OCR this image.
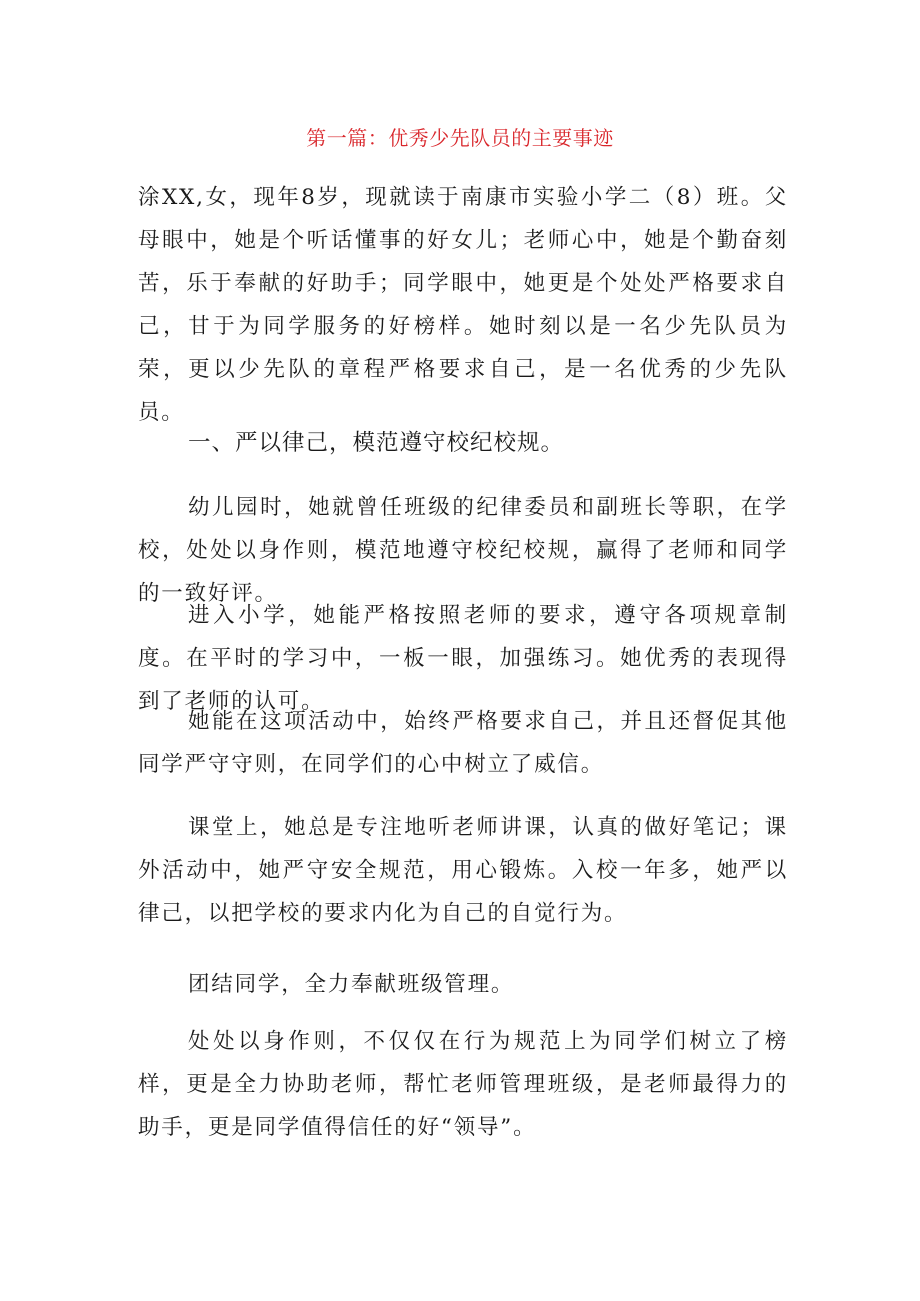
第一篇：优秀少先队员的主要事迹

涂XX,女，现年8岁，现就读于南康市实验小学二（8）班。父母眼中，她是个听话懂事的好女儿；老师心中，她是个勤奋刻苦，乐于奉献的好助手；同学眼中，她更是个处处严格要求自己，甘于为同学服务的好榜样。她时刻以是一名少先队员为荣，更以少先队的章程严格要求自己，是一名优秀的少先队员。

一、严以律己，模范遵守校纪校规。

幼儿园时，她就曾任班级的纪律委员和副班长等职，在学校，处处以身作则，模范地遵守校纪校规，赢得了老师和同学的一致好评。

进入小学，她能严格按照老师的要求，遵守各项规章制度。在平时的学习中，一板一眼，加强练习。她优秀的表现得到了老师的认可。

她能在这项活动中，始终严格要求自己，并且还督促其他同学严守守则，在同学们的心中树立了威信。

课堂上，她总是专注地听老师讲课，认真的做好笔记；课外活动中，她严守安全规范，用心锻炼。入校一年多，她严以律己，以把学校的要求内化为自己的自觉行为。

团结同学，全力奉献班级管理。

处处以身作则，不仅仅在行为规范上为同学们树立了榜样，更是全力协助老师，帮忙老师管理班级，是老师最得力的助手，更是同学值得信任的好“领导”。
